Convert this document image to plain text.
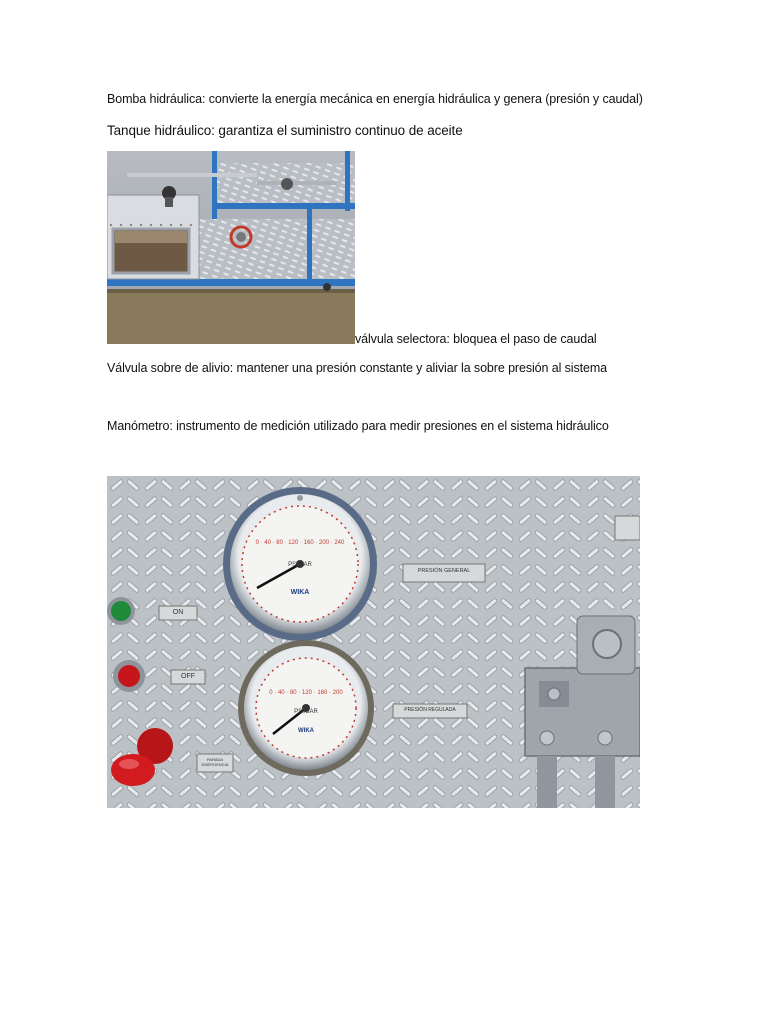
Bomba hidráulica: convierte la energía mecánica en energía hidráulica y genera (presión y caudal)
Tanque hidráulico: garantiza el suministro continuo de aceite
válvula selectora: bloquea el paso de caudal
Válvula sobre de alivio: mantener una presión constante y aliviar la sobre presión al sistema
Manómetro: instrumento de medición utilizado para medir presiones en el sistema hidráulico
0 · 40 · 80 · 120 · 160 · 200 · 240
PSI/BAR
WIKA
0 · 40 · 80 · 120 · 160 · 200
PSI/BAR
WIKA
PRESIÓN GENERAL
PRESIÓN REGULADA
ON
OFF
PARADA EMERGENCIA
